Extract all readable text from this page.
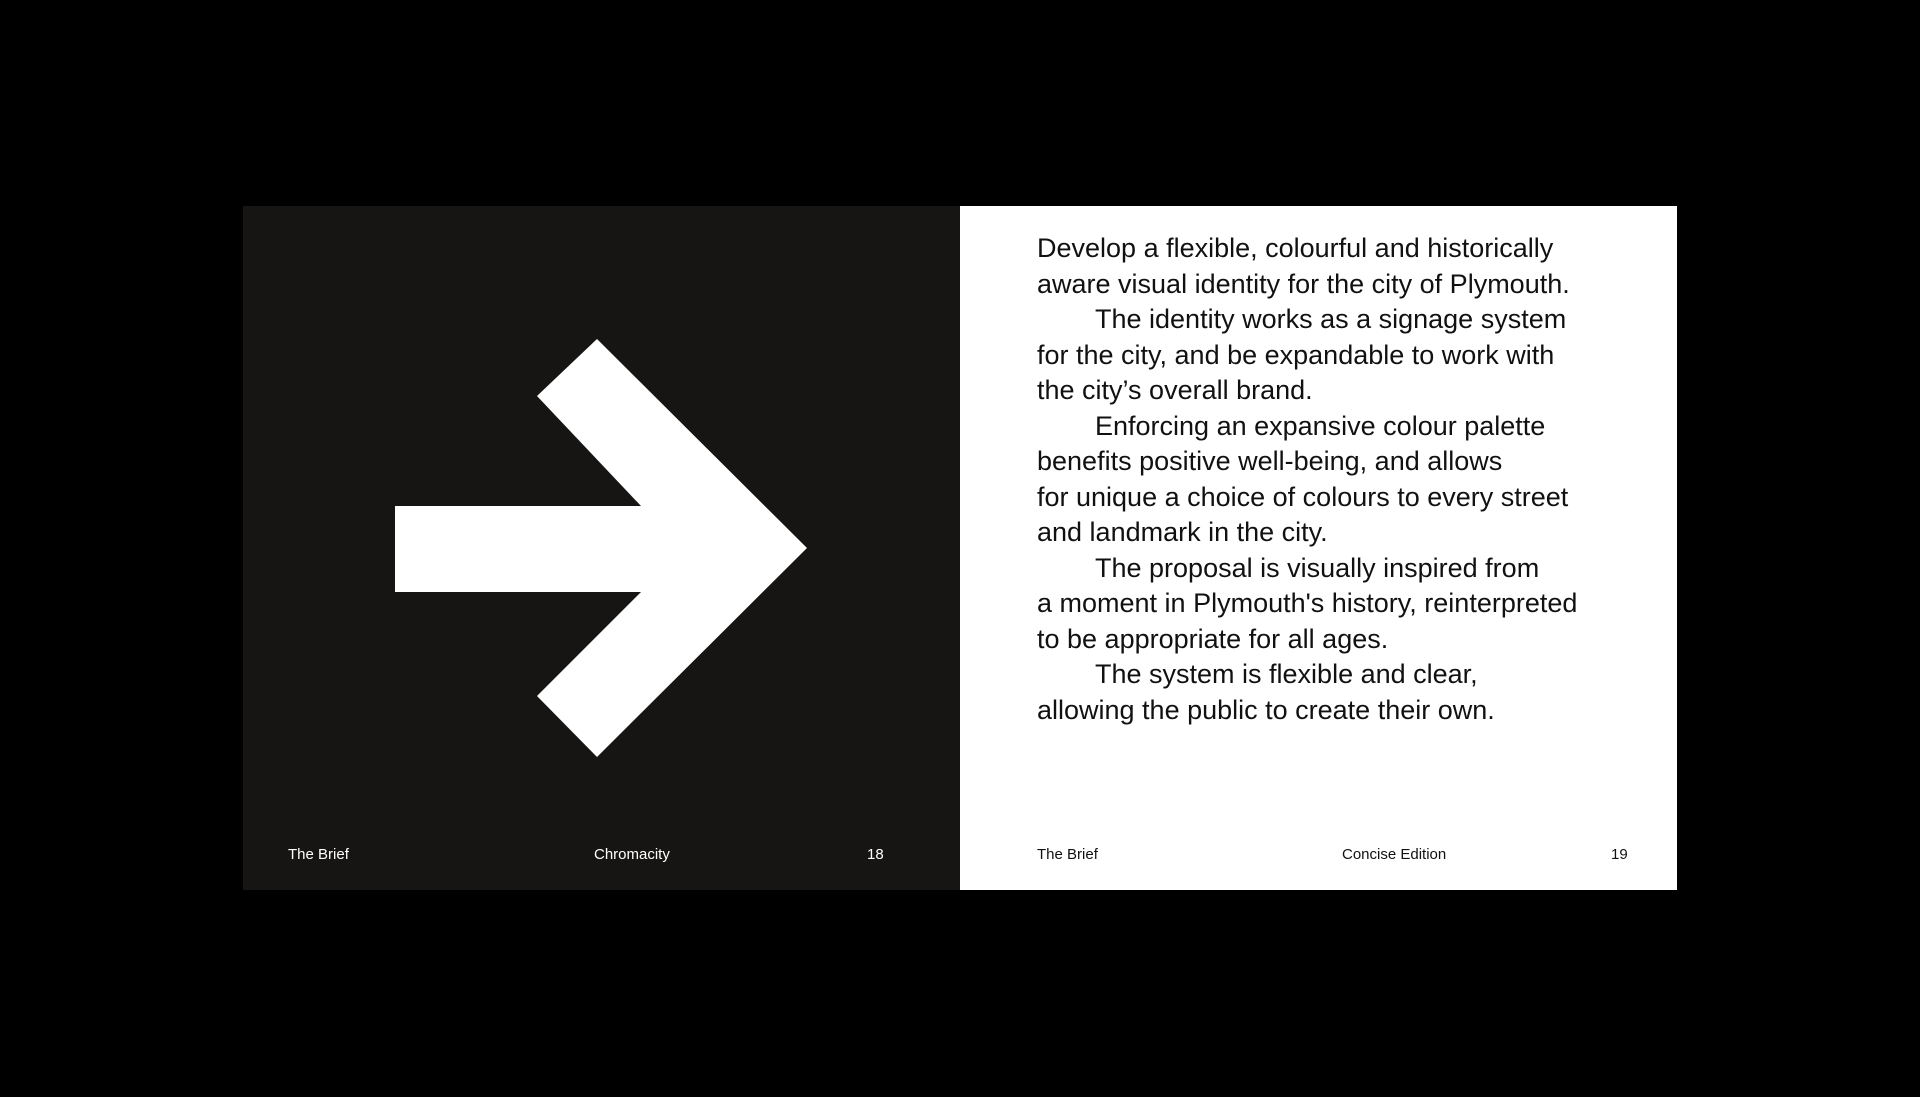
The Brief	Chromacity	18

Develop a flexible, colourful and historically

aware visual identity for the city of Plymouth.

The identity works as a signage system

for the city, and be expandable to work with

the city’s overall brand.

Enforcing an expansive colour palette

benefits positive well-being, and allows

for unique a choice of colours to every street

and landmark in the city.

The proposal is visually inspired from

a moment in Plymouth's history, reinterpreted

to be appropriate for all ages.

The system is flexible and clear,

allowing the public to create their own.

The Brief	Concise Edition	19
